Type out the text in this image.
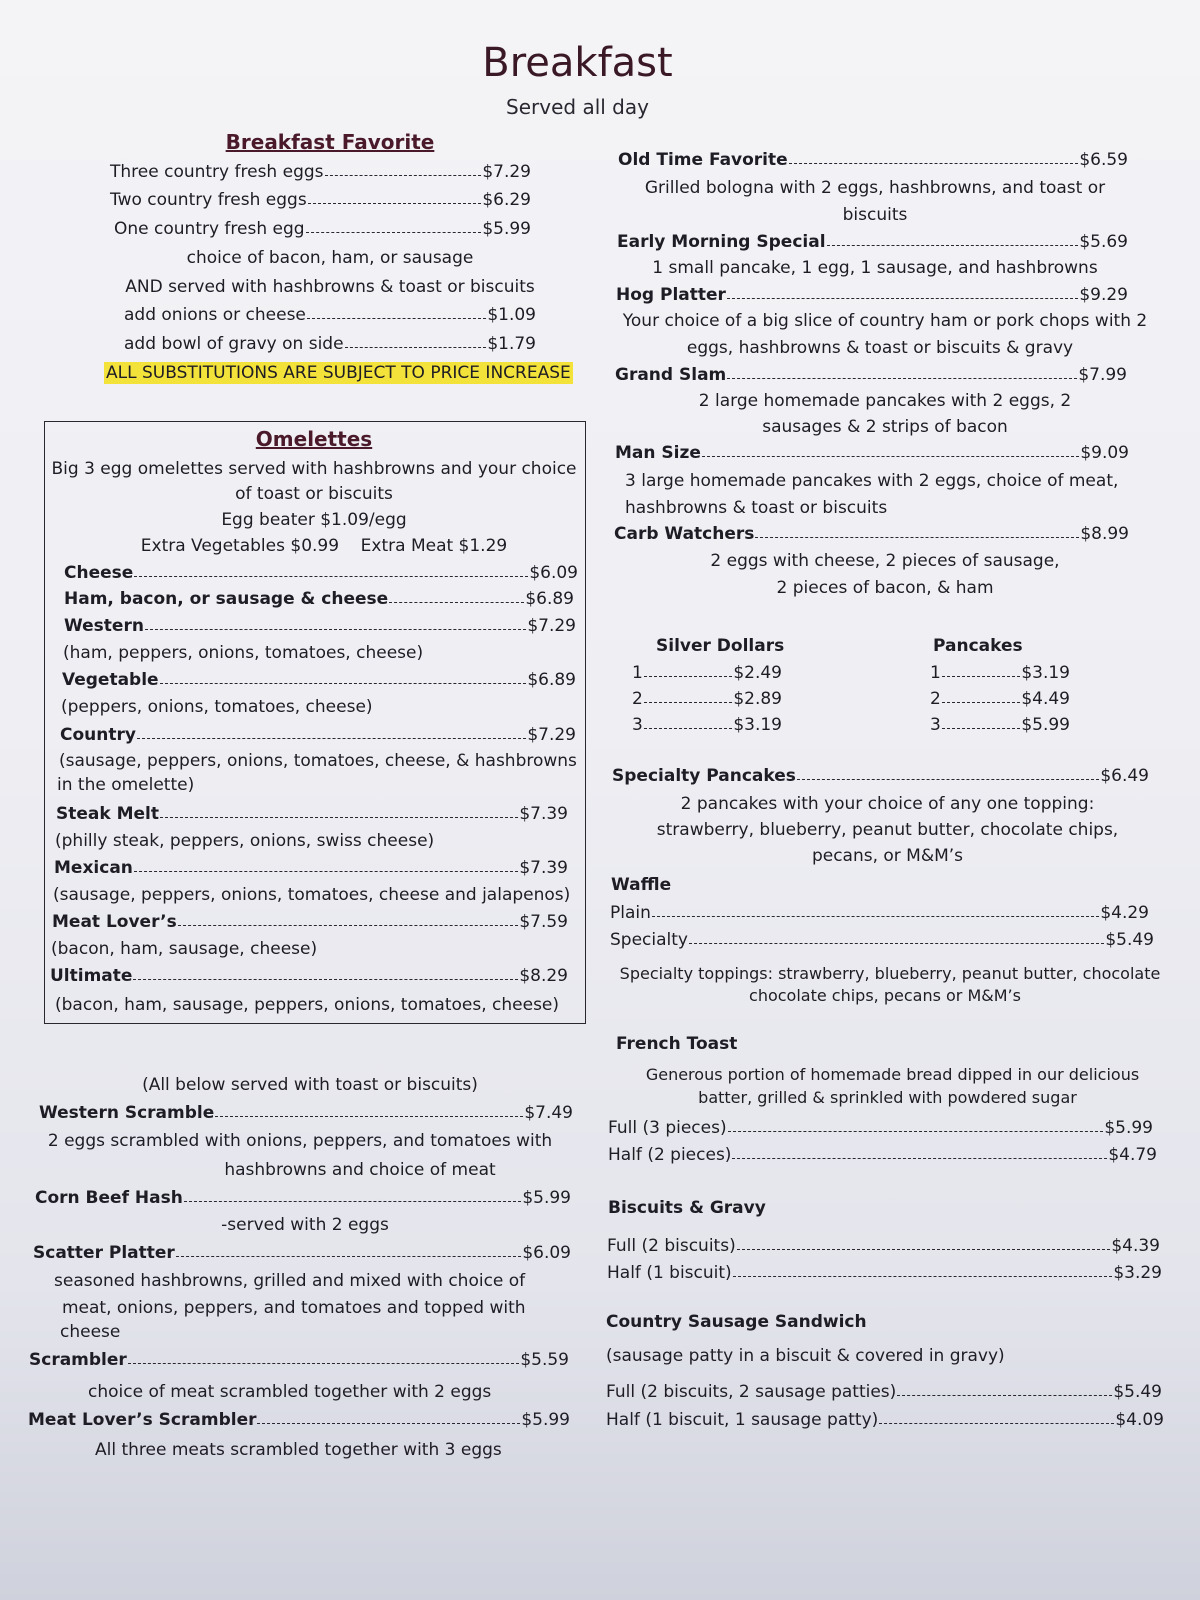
Breakfast
Served all day
Breakfast Favorite
Three country fresh eggs	$7.29
Two country fresh eggs	$6.29
One country fresh egg	$5.99
choice of bacon, ham, or sausage
AND served with hashbrowns & toast or biscuits
add onions or cheese	$1.09
add bowl of gravy on side	$1.79
ALL SUBSTITUTIONS ARE SUBJECT TO PRICE INCREASE
Omelettes
Big 3 egg omelettes served with hashbrowns and your choice
of toast or biscuits
Egg beater $1.09/egg
Extra Vegetables $0.99    Extra Meat $1.29
Cheese	$6.09
Ham, bacon, or sausage & cheese	$6.89
Western	$7.29
(ham, peppers, onions, tomatoes, cheese)
Vegetable	$6.89
(peppers, onions, tomatoes, cheese)
Country	$7.29
(sausage, peppers, onions, tomatoes, cheese, & hashbrowns
in the omelette)
Steak Melt	$7.39
(philly steak, peppers, onions, swiss cheese)
Mexican	$7.39
(sausage, peppers, onions, tomatoes, cheese and jalapenos)
Meat Lover’s	$7.59
(bacon, ham, sausage, cheese)
Ultimate	$8.29
(bacon, ham, sausage, peppers, onions, tomatoes, cheese)
(All below served with toast or biscuits)
Western Scramble	$7.49
2 eggs scrambled with onions, peppers, and tomatoes with
hashbrowns and choice of meat
Corn Beef Hash	$5.99
-served with 2 eggs
Scatter Platter	$6.09
seasoned hashbrowns, grilled and mixed with choice of
meat, onions, peppers, and tomatoes and topped with
cheese
Scrambler	$5.59
choice of meat scrambled together with 2 eggs
Meat Lover’s Scrambler	$5.99
All three meats scrambled together with 3 eggs
Old Time Favorite	$6.59
Grilled bologna with 2 eggs, hashbrowns, and toast or
biscuits
Early Morning Special	$5.69
1 small pancake, 1 egg, 1 sausage, and hashbrowns
Hog Platter	$9.29
Your choice of a big slice of country ham or pork chops with 2
eggs, hashbrowns & toast or biscuits & gravy
Grand Slam	$7.99
2 large homemade pancakes with 2 eggs, 2
sausages & 2 strips of bacon
Man Size	$9.09
3 large homemade pancakes with 2 eggs, choice of meat,
hashbrowns & toast or biscuits
Carb Watchers	$8.99
2 eggs with cheese, 2 pieces of sausage,
2 pieces of bacon, & ham
Silver Dollars
1	$2.49
2	$2.89
3	$3.19
Pancakes
1	$3.19
2	$4.49
3	$5.99
Specialty Pancakes	$6.49
2 pancakes with your choice of any one topping:
strawberry, blueberry, peanut butter, chocolate chips,
pecans, or M&M’s
Waffle
Plain	$4.29
Specialty	$5.49
Specialty toppings: strawberry, blueberry, peanut butter, chocolate
chocolate chips, pecans or M&M’s
French Toast
Generous portion of homemade bread dipped in our delicious
batter, grilled & sprinkled with powdered sugar
Full (3 pieces)	$5.99
Half (2 pieces)	$4.79
Biscuits & Gravy
Full (2 biscuits)	$4.39
Half (1 biscuit)	$3.29
Country Sausage Sandwich
(sausage patty in a biscuit & covered in gravy)
Full (2 biscuits, 2 sausage patties)	$5.49
Half (1 biscuit, 1 sausage patty)	$4.09
